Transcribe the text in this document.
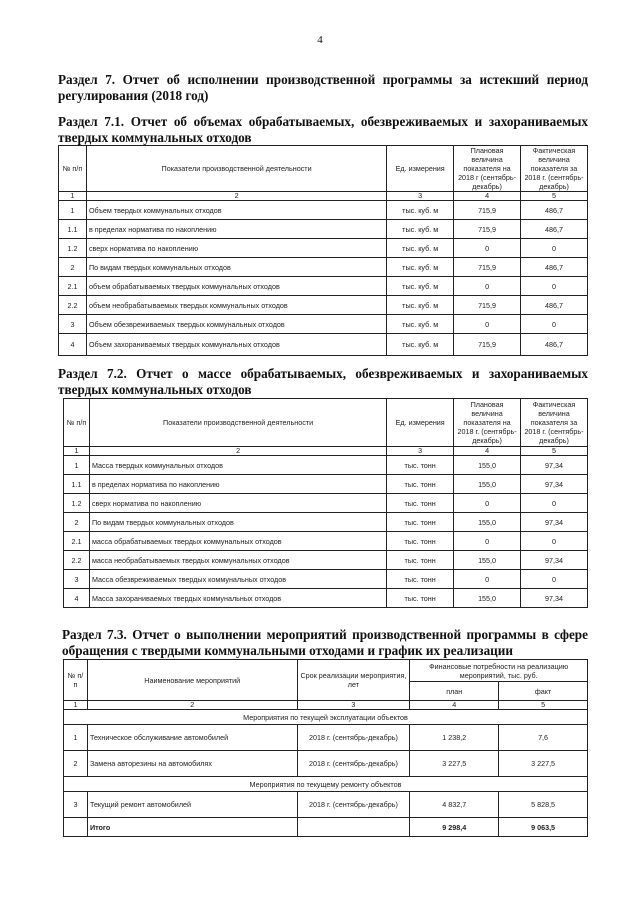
4
Раздел 7. Отчет об исполнении производственной программы за истекший период регулирования (2018 год)
Раздел 7.1. Отчет об объемах обрабатываемых, обезвреживаемых и захораниваемых твердых коммунальных отходов
№ п/п	Показатели производственной деятельности	Ед. измерения	Плановая величина показателя на 2018 г (сентябрь-декабрь)	Фактическая величина показателя за 2018 г. (сентябрь-декабрь)
1	2	3	4	5
1	Объем твердых коммунальных отходов	тыс. куб. м	715,9	486,7
1.1	в пределах норматива по накоплению	тыс. куб. м	715,9	486,7
1.2	сверх норматива по накоплению	тыс. куб. м	0	0
2	По видам твердых коммунальных отходов	тыс. куб. м	715,9	486,7
2.1	объем обрабатываемых твердых коммунальных отходов	тыс. куб. м	0	0
2.2	объем необрабатываемых твердых коммунальных отходов	тыс. куб. м	715,9	486,7
3	Объем обезвреживаемых твердых коммунальных отходов	тыс. куб. м	0	0
4	Объем захораниваемых твердых коммунальных отходов	тыс. куб. м	715,9	486,7
Раздел 7.2. Отчет о массе обрабатываемых, обезвреживаемых и захораниваемых твердых коммунальных отходов
№ п/п	Показатели производственной деятельности	Ед. измерения	Плановая величина показателя на 2018 г. (сентябрь-декабрь)	Фактическая величина показателя за 2018 г. (сентябрь-декабрь)
1	2	3	4	5
1	Масса твердых коммунальных отходов	тыс. тонн	155,0	97,34
1.1	в пределах норматива по накоплению	тыс. тонн	155,0	97,34
1.2	сверх норматива по накоплению	тыс. тонн	0	0
2	По видам твердых коммунальных отходов	тыс. тонн	155,0	97,34
2.1	масса обрабатываемых твердых коммунальных отходов	тыс. тонн	0	0
2.2	масса необрабатываемых твердых коммунальных отходов	тыс. тонн	155,0	97,34
3	Масса обезвреживаемых твердых коммунальных отходов	тыс. тонн	0	0
4	Масса захораниваемых твердых коммунальных отходов	тыс. тонн	155,0	97,34
Раздел 7.3. Отчет о выполнении мероприятий производственной программы в сфере обращения с твердыми коммунальными отходами и график их реализации
№ п/ п	Наименование мероприятий	Срок реализации мероприятия, лет	Финансовые потребности на реализацию мероприятий, тыс. руб.	
			план	факт
1	2	3	4	5
Мероприятия по текущей эксплуатации объектов				
1	Техническое обслуживание автомобилей	2018 г. (сентябрь-декабрь)	1 238,2	7,6
2	Замена авторезины на автомобилях	2018 г. (сентябрь-декабрь)	3 227,5	3 227,5
Мероприятия по текущему ремонту объектов				
3	Текущий ремонт автомобилей	2018 г. (сентябрь-декабрь)	4 832,7	5 828,5
	Итого		9 298,4	9 063,5
